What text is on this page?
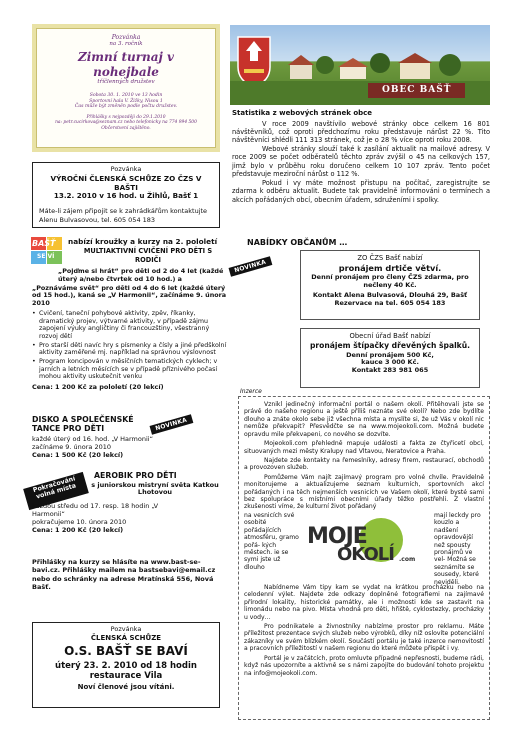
Pozvánka
na 3. ročník
Zimní turnaj v nohejbale
tříčlenných družstev
Sobota 30. 1. 2010 ve 13 hodin
Sportovní hala V. Žižky, Nisou 1
Čas může být změněn podle počtu družstev.
Přihlášky s nejpozději do 29.1.2010
na: petr.cucirkova@seznam.cz nebo telefonicky na 774 994 500
Občerstvení zajištěno.
OBEC BAŠŤ
Statistika z webových stránek obce

V roce 2009 navštívilo webové stránky obce celkem 16 801 návštěvníků, což oproti předchozímu roku představuje nárůst 22 %. Tito návštěvníci shlédli 111 313 stránek, což je o 28 % více oproti roku 2008.

Webové stránky slouží také k zasílání aktualit na mailové adresy. V roce 2009 se počet odběratelů těchto zpráv zvýšil o 45 na celkových 157, jimž bylo v průběhu roku doručeno celkem 10 107 zpráv. Tento počet představuje meziroční nárůst o 112 %.

Pokud i vy máte možnost přistupu na počítač, zaregistrujte se zdarma k odběru aktualit. Budete tak pravidelně informováni o termínech a akcích pořádaných obcí, obecním úřadem, sdruženími i spolky.

Pozvánka
VÝROČNÍ ČLENSKÁ SCHŮZE ZO ČZS V BAŠTI
13.2. 2010 v 16 hod. u Žihlů, Bašť 1
Máte-li zájem připojit se k zahrádkářům kontaktujte Alenu Bulvasovou, tel. 605 054 183
BAŠŤ
SE VÍ
nabízí kroužky a kurzy na 2. pololetí
MULTIAKTIVNÍ CVIČENÍ PRO DĚTI S RODIČI	NOVINKA

„Pojďme si hrát“ pro děti od 2 do 4 let (každé úterý a/nebo čtvrtek od 10 hod.) a

„Poznáváme svět“ pro děti od 4 do 6 let (každé úterý od 15 hod.), kaná se „V Harmonii“, začínáme 9. února 2010

• Cvičení, taneční pohybové aktivity, zpěv, říkanky, dramatický projev, výtvarné aktivity, v případě zájmu zapojení výuky angličtiny či francouzštiny, všestranný rozvoj dětí

• Pro starší děti navíc hry s písmenky a čísly a jiné předškolní aktivity zaměřené mj. například na správnou výslovnost

• Program koncipován v měsíčních tematických cyklech; v jarních a letních měsících se v případě příznivého počasí mohou aktivity uskutečnit venku

Cena: 1 200 Kč za pololetí (20 lekcí)

DISKO A SPOLEČENSKÉ TANCE PRO DĚTI
každé úterý od 16. hod. „V Harmonii“
začínáme 9. února 2010
Cena: 1 500 Kč (20 lekcí)
NOVINKA
Pokračování volná místa
AEROBIK PRO DĚTI
s juniorskou mistryní světa Katkou Lhotovou
každou středu od 17. resp. 18 hodin „V Harmonii“
pokračujeme 10. února 2010
Cena: 1 200 Kč (20 lekcí)
Přihlášky na kurzy se hlásíte na www.bast-se-bavi.cz. Přihlášky mailem na bastsebavi@email.cz nebo do schránky na adrese Mratínská 556, Nová Bašť.
Pozvánka
ČLENSKÁ SCHŮZE
O.S. BAŠŤ SE BAVÍ
úterý 23. 2. 2010 od 18 hodin
restaurace Vila
Noví členové jsou vítáni.
NABÍDKY OBČANŮM …
ZO ČZS Bašť nabízí
pronájem drtiče větví.
Denní pronájem pro členy ČZS zdarma, pro nečleny 40 Kč.
Kontakt Alena Bulvasová, Dlouhá 29, Bašť
Rezervace na tel. 605 054 183
Obecní úřad Bašť nabízí
pronájem štípačky dřevěných špalků.
Denní pronájem 500 Kč,
kauce 3 000 Kč.
Kontakt 283 981 065
Inzerce

Vznikl jedinečný informační portál o našem okolí. Přitěhovali jste se právě do našeho regionu a ještě příliš neznáte své okolí? Nebo zde bydlíte dlouho a znáte okolo sebe již všechna místa a myslíte si, že už Vás v okolí nic nemůže překvapit? Přesvědčte se na www.mojeokoli.com. Možná budete opravdu mile překvapeni, co nového se dozvíte.

Mojeokoli.com přehledně mapuje události a fakta ze čtyřicetí obcí, situovaných mezi městy Kralupy nad Vltavou, Neratovice a Praha.

Najdete zde kontakty na řemeslníky, adresy firem, restaurací, obchodů a provozoven služeb.

Pomůžeme Vám najít zajímavý program pro volné chvíle. Pravidelně monitorujeme a aktualizujeme seznam kulturních, sportovních akcí pořádaných i na těch nejmenších vesnicích ve Vašem okolí, které bysté sami bez spolupráce s místními obecními úřady těžko postřehli. Z vlastní zkušenosti víme, že kulturní život pořádaný

na vesnicích své osobité pořádajících atmosféru, gramo pořá- kých městech. ie se symi jste už dlouho

MOJE
OKOLÍ .com

mají leckdy pro kouzlo a nadšení opravdovější než spousty pronájmů ve vel- Možná se seznámíte se sousedy, které neviděli.

Nabídneme Vám tipy kam se vydat na krátkou procházku nebo na celodenní výlet. Najdete zde odkazy doplněné fotografiemi na zajímavé přírodní lokality, historické památky, ale i možnosti kde se zastavit na limonádu nebo na pivo. Místa vhodná pro děti, hřiště, cyklostezky, procházky u vody…

Pro podnikatele a živnostníky nabízíme prostor pro reklamu. Máte příležitost prezentace svých služeb nebo výrobků, díky níž oslovíte potenciální zákazníky ve svém blízkém okolí. Součástí portálu je také inzerce nemovitostí a pracovních příležitostí v našem regionu do které můžete přispět i vy.

Portál je v začátcích, proto omluvte případné nepřesnosti, budeme rádi, když nás upozorníte a aktivně se s námi zapojíte do budování tohoto projektu na info@mojeokoli.com.
